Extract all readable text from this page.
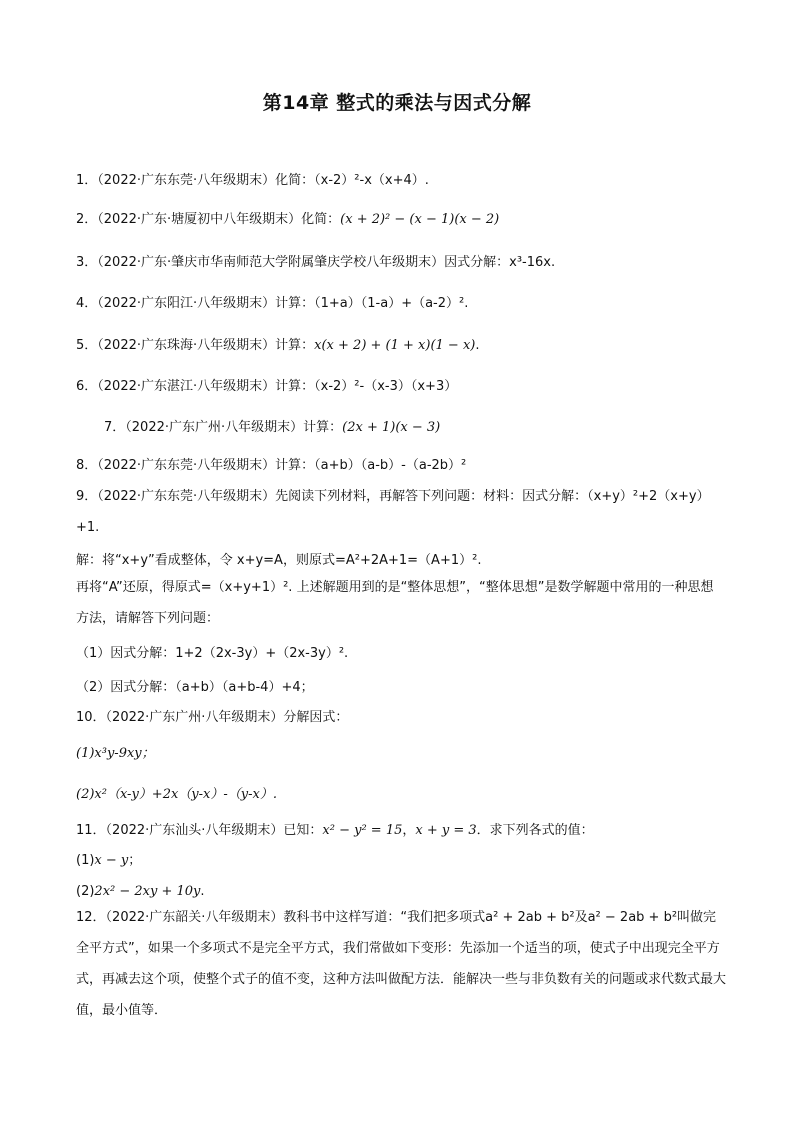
第14章 整式的乘法与因式分解
1．（2022·广东东莞·八年级期末）化简：（x-2）²-x（x+4）.
2．（2022·广东·塘厦初中八年级期末）化简：(x + 2)² − (x − 1)(x − 2)
3．（2022·广东·肇庆市华南师范大学附属肇庆学校八年级期末）因式分解：x³-16x.
4．（2022·广东阳江·八年级期末）计算：（1+a）（1-a）+（a-2）².
5．（2022·广东珠海·八年级期末）计算：x(x + 2) + (1 + x)(1 − x).
6．（2022·广东湛江·八年级期末）计算：（x-2）²-（x-3）（x+3）
7．（2022·广东广州·八年级期末）计算：(2x + 1)(x − 3)
8．（2022·广东东莞·八年级期末）计算：（a+b）（a-b）-（a-2b）²
9．（2022·广东东莞·八年级期末）先阅读下列材料，再解答下列问题：材料：因式分解：（x+y）²+2（x+y）+1.
解：将“x+y”看成整体，令 x+y=A，则原式=A²+2A+1=（A+1）².
再将“A”还原，得原式=（x+y+1）². 上述解题用到的是“整体思想”，“整体思想”是数学解题中常用的一种思想方法，请解答下列问题：
（1）因式分解：1+2（2x-3y）+（2x-3y）².
（2）因式分解：（a+b）（a+b-4）+4；
10．（2022·广东广州·八年级期末）分解因式：
(1)x³y-9xy；
(2)x²（x-y）+2x（y-x）-（y-x）.
11．（2022·广东汕头·八年级期末）已知：x² − y² = 15，x + y = 3．求下列各式的值：
(1)x − y；
(2)2x² − 2xy + 10y.
12．（2022·广东韶关·八年级期末）教科书中这样写道：“我们把多项式a² + 2ab + b²及a² − 2ab + b²叫做完全平方式”，如果一个多项式不是完全平方式，我们常做如下变形：先添加一个适当的项，使式子中出现完全平方式，再减去这个项，使整个式子的值不变，这种方法叫做配方法．能解决一些与非负数有关的问题或求代数式最大值，最小值等．
